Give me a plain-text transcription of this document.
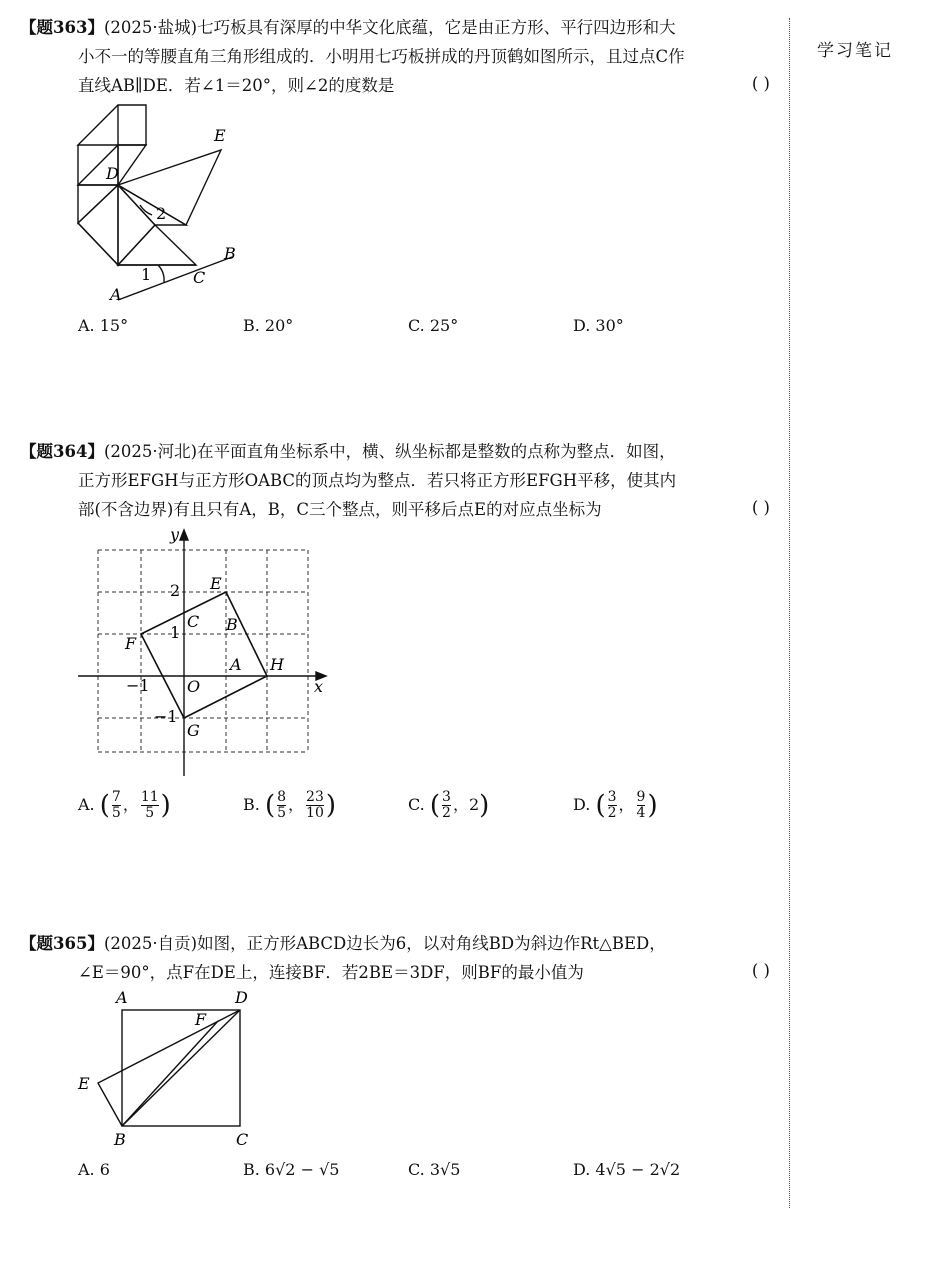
学习笔记
【题363】(2025·盐城)七巧板具有深厚的中华文化底蕴，它是由正方形、平行四边形和大
小不一的等腰直角三角形组成的．小明用七巧板拼成的丹顶鹤如图所示，且过点C作
直线AB∥DE．若∠1＝20°，则∠2的度数是	( )
E
D
2
B
1	C
A
A. 15°	B. 20°	C. 25°	D. 30°
【题364】(2025·河北)在平面直角坐标系中，横、纵坐标都是整数的点称为整点．如图，
正方形EFGH与正方形OABC的顶点均为整点．若只将正方形EFGH平移，使其内
部(不含边界)有且只有A，B，C三个整点，则平移后点E的对应点坐标为	( )
y
x
O
E
F
G
H
A
B
C
2
1
−1
−1
A. ( $\frac{7}{5}$ ， $\frac{11}{5}$ )	B. ( $\frac{8}{5}$ ， $\frac{23}{10}$ )	C. ( $\frac{3}{2}$ ，2)	D. ( $\frac{3}{2}$ ， $\frac{9}{4}$ )
【题365】(2025·自贡)如图，正方形ABCD边长为6，以对角线BD为斜边作Rt△BED，
∠E＝90°，点F在DE上，连接BF．若2BE＝3DF，则BF的最小值为	( )
A	D
F
E
B	C
A. 6	B. 6√2 − √5	C. 3√5	D. 4√5 − 2√2
